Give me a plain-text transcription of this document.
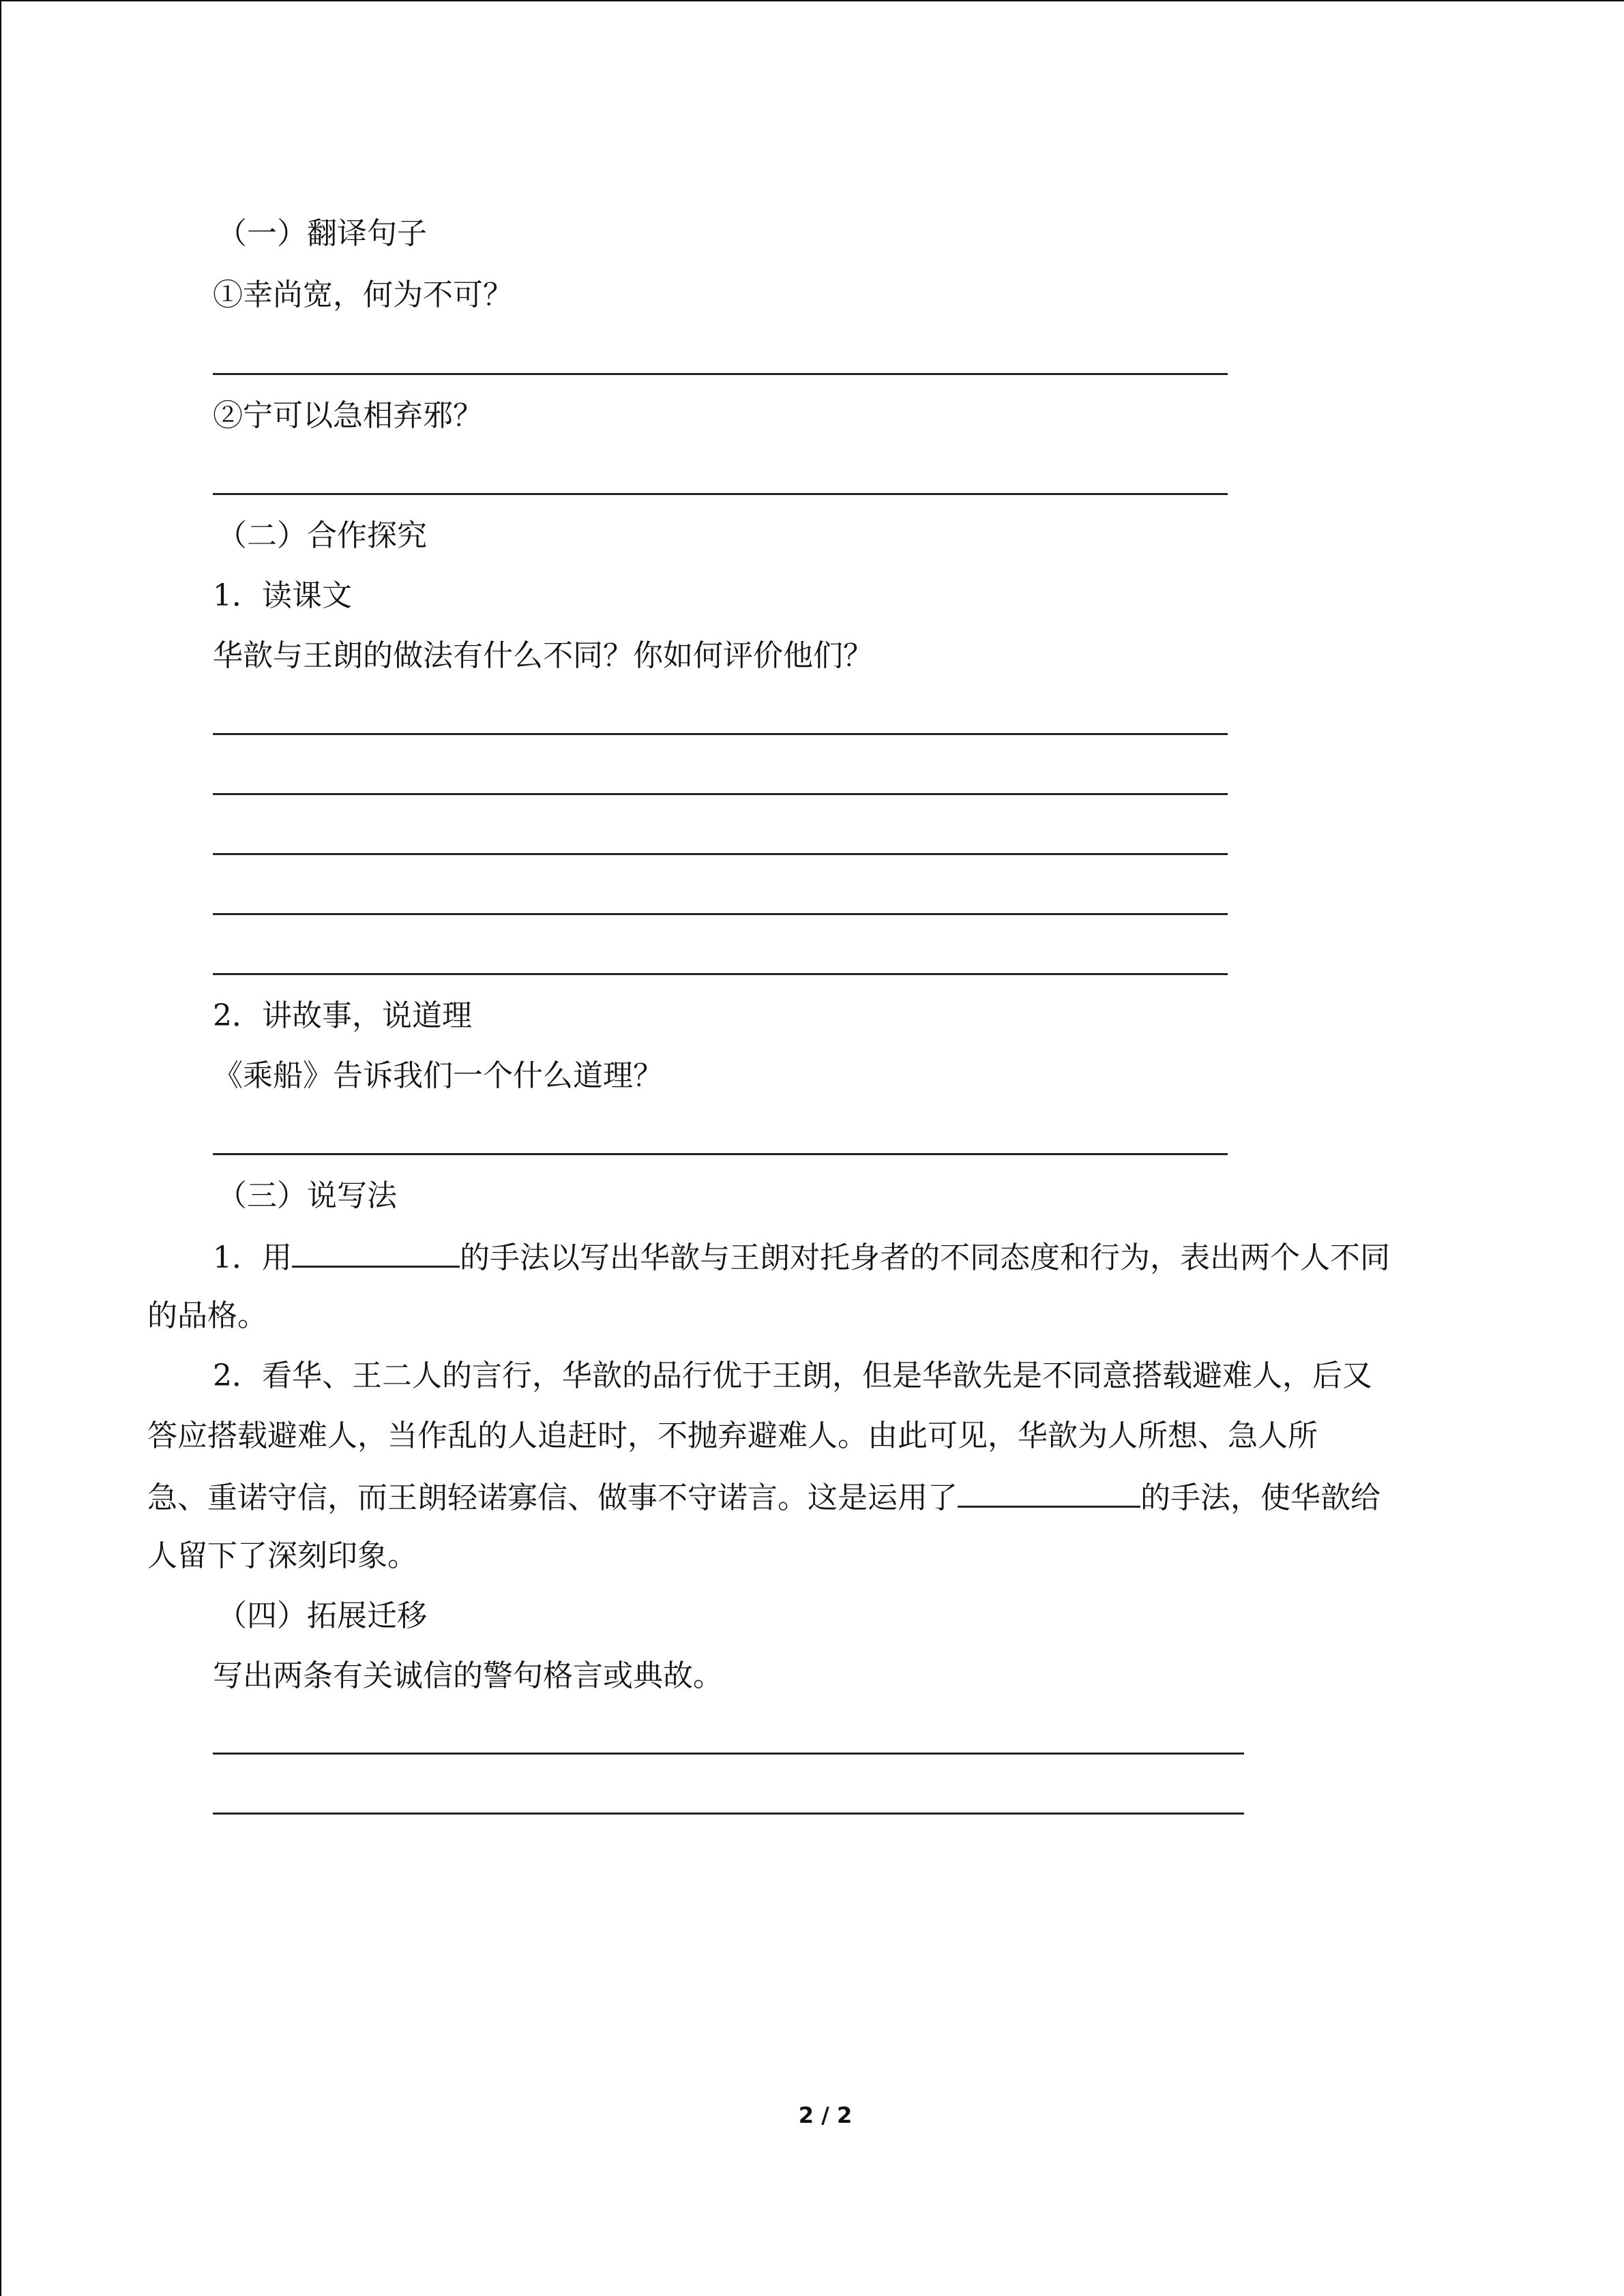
（一）翻译句子
①幸尚宽，何为不可？
②宁可以急相弃邪？
（二）合作探究
1．读课文
华歆与王朗的做法有什么不同？你如何评价他们？
2．讲故事，说道理
《乘船》告诉我们一个什么道理？
（三）说写法
1．用	的手法以写出华歆与王朗对托身者的不同态度和行为，表出两个人不同
的品格。
2．看华、王二人的言行，华歆的品行优于王朗，但是华歆先是不同意搭载避难人，后又
答应搭载避难人，当作乱的人追赶时，不抛弃避难人。由此可见，华歆为人所想、急人所
急、重诺守信，而王朗轻诺寡信、做事不守诺言。这是运用了	的手法，使华歆给
人留下了深刻印象。
（四）拓展迁移
写出两条有关诚信的警句格言或典故。
2 / 2
